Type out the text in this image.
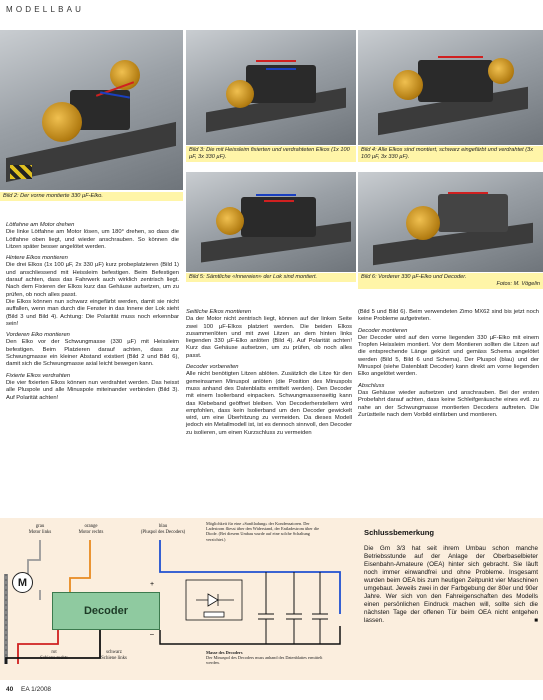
MODELLBAU
Bild 2: Der vorne montierte 330 µF-Elko.
Bild 3: Die mit Heissleim fixierten und verdrahteten Elkos (1x 100 µF, 3x 330 µF).
Bild 4: Alle Elkos sind montiert, schwarz eingefärbt und verdrahtet (3x 100 µF, 3x 330 µF).
Bild 5: Sämtliche «Innereien» der Lok sind montiert.	Bild 6: Vorderer 330 µF-Elko und Decoder.

Fotos: M. Vögelin

Lötfahne am Motor drehen

Die linke Lötfahne am Motor lösen, um 180° drehen, so dass die Lötfahne oben liegt, und wieder anschrauben. So können die Litzen später besser angelötet werden.

Hintere Elkos montieren

Die drei Elkos (1x 100 µF, 2x 330 µF) kurz probeplatzieren (Bild 1) und anschliessend mit Heissleim befestigen. Beim Befestigen darauf achten, dass das Fahrwerk auch wirklich zentrisch liegt. Nach dem Fixieren der Elkos kurz das Gehäuse aufsetzen, um zu prüfen, ob noch alles passt.

Die Elkos können nun schwarz eingefärbt werden, damit sie nicht auffallen, wenn man durch die Fenster in das Innere der Lok sieht (Bild 3 und Bild 4). Achtung: Die Polarität muss noch erkennbar sein!

Vorderen Elko montieren

Den Elko vor der Schwungmasse (330 µF) mit Heissleim befestigen. Beim Platzieren darauf achten, dass zur Schwungmasse ein kleiner Abstand existiert (Bild 2 und Bild 6), damit sich die Schwungmasse axial leicht bewegen kann.

Fixierte Elkos verdrahten

Die vier fixierten Elkos können nun verdrahtet werden. Das heisst alle Pluspole und alle Minuspole miteinander verbinden (Bild 3). Auf Polarität achten!

Seitliche Elkos montieren

Da der Motor nicht zentrisch liegt, können auf der linken Seite zwei 100 µF-Elkos platziert werden. Die beiden Elkos zusammenlöten und mit zwei Litzen an dem hinten links liegenden 330 µF-Elko anlöten (Bild 4). Auf Polarität achten! Kurz das Gehäuse aufsetzen, um zu prüfen, ob noch alles passt.

Decoder vorbereiten

Alle nicht benötigten Litzen ablöten. Zusätzlich die Litze für den gemeinsamen Minuspol anlöten (die Position des Minuspols muss anhand des Datenblatts ermittelt werden). Den Decoder mit einem Isolierband einpacken. Schwungmassenseitig kann das Klebeband geöffnet bleiben. Von Decoderherstellern wird empfohlen, dass kein Isolierband um den Decoder gewickelt wird, um eine Überhitzung zu vermeiden. Da dieses Modell jedoch ein Metallmodell ist, ist es dennoch sinnvoll, den Decoder zu isolieren, um einen Kurzschluss zu vermeiden

(Bild 5 und Bild 6). Beim verwendeten Zimo MX62 sind bis jetzt noch keine Probleme aufgetreten.

Decoder montieren

Der Decoder wird auf den vorne liegenden 330 µF-Elko mit einem Tropfen Heissleim montiert. Vor dem Montieren sollten die Litzen auf die entsprechende Länge gekürzt und gemäss Schema angelötet werden (Bild 5, Bild 6 und Schema). Der Pluspol (blau) und der Minuspol (siehe Datenblatt Decoder) kann direkt am vorne liegenden Elko angelötet werden.

Abschluss

Das Gehäuse wieder aufsetzen und anschrauben. Bei der ersten Probefahrt darauf achten, dass keine Schleifgeräusche eines evtl. zu nahe an der Schwungmasse montierten Decoders auftreten. Die Zurüstteile nach dem Vorbild einfärben und montieren.

grau
Motor links
orange
Motor rechts
blau
(Pluspol des Decoders)
Möglichkeit für eine «Sanftladung» der Kondensatoren. Der Ladestrom fliesst über den Widerstand, der Entladestrom über die Diode. (Bei diesem Umbau wurde auf eine solche Schaltung verzichtet.)
+
–
M
Decoder
rot
Schiene rechts
schwarz
Schiene links
Masse des Decoders
Der Minuspol des Decoders muss anhand des Datenblattes ermittelt werden.
Schlussbemerkung
Die Gm 3/3 hat seit ihrem Umbau schon manche Betriebsstunde auf der Anlage der Oberbaselbieter Eisenbahn-Amateure (OEA) hinter sich gebracht. Sie läuft noch immer einwandfrei und ohne Probleme. Insgesamt wurden beim OEA bis zum heutigen Zeitpunkt vier Maschinen umgebaut. Jeweils zwei in der Farbgebung der 80er und 90er Jahre. Wer sich von den Fahreigenschaften des Modells einen persönlichen Eindruck machen will, sollte sich die nächsten Tage der offenen Tür beim OEA nicht entgehen lassen.	■
40 EA 1/2008
